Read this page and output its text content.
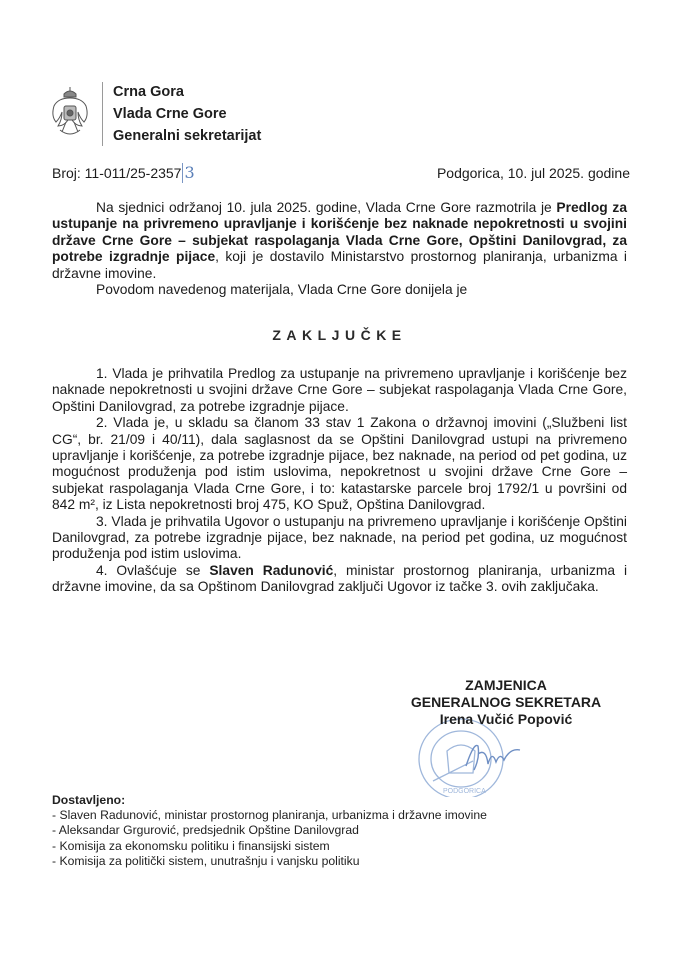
Crna Gora
Vlada Crne Gore
Generalni sekretarijat
Broj: 11-011/25-2357 3	Podgorica, 10. jul 2025. godine

Na sjednici održanoj 10. jula 2025. godine, Vlada Crne Gore razmotrila je Predlog za ustupanje na privremeno upravljanje i korišćenje bez naknade nepokretnosti u svojini države Crne Gore – subjekat raspolaganja Vlada Crne Gore, Opštini Danilovgrad, za potrebe izgradnje pijace, koji je dostavilo Ministarstvo prostornog planiranja, urbanizma i državne imovine.

Povodom navedenog materijala, Vlada Crne Gore donijela je

ZAKLJUČKE

1. Vlada je prihvatila Predlog za ustupanje na privremeno upravljanje i korišćenje bez naknade nepokretnosti u svojini države Crne Gore – subjekat raspolaganja Vlada Crne Gore, Opštini Danilovgrad, za potrebe izgradnje pijace.

2. Vlada je, u skladu sa članom 33 stav 1 Zakona o državnoj imovini („Službeni list CG“, br. 21/09 i 40/11), dala saglasnost da se Opštini Danilovgrad ustupi na privremeno upravljanje i korišćenje, za potrebe izgradnje pijace, bez naknade, na period od pet godina, uz mogućnost produženja pod istim uslovima, nepokretnost u svojini države Crne Gore – subjekat raspolaganja Vlada Crne Gore, i to: katastarske parcele broj 1792/1 u površini od 842 m², iz Lista nepokretnosti broj 475, KO Spuž, Opština Danilovgrad.

3. Vlada je prihvatila Ugovor o ustupanju na privremeno upravljanje i korišćenje Opštini Danilovgrad, za potrebe izgradnje pijace, bez naknade, na period pet godina, uz mogućnost produženja pod istim uslovima.

4. Ovlašćuje se Slaven Radunović, ministar prostornog planiranja, urbanizma i državne imovine, da sa Opštinom Danilovgrad zaključi Ugovor iz tačke 3. ovih zaključaka.

PODGORICA
ZAMJENICA
GENERALNOG SEKRETARA
Irena Vučić Popović
Dostavljeno:
- Slaven Radunović, ministar prostornog planiranja, urbanizma i državne imovine
- Aleksandar Grgurović, predsjednik Opštine Danilovgrad
- Komisija za ekonomsku politiku i finansijski sistem
- Komisija za politički sistem, unutrašnju i vanjsku politiku
